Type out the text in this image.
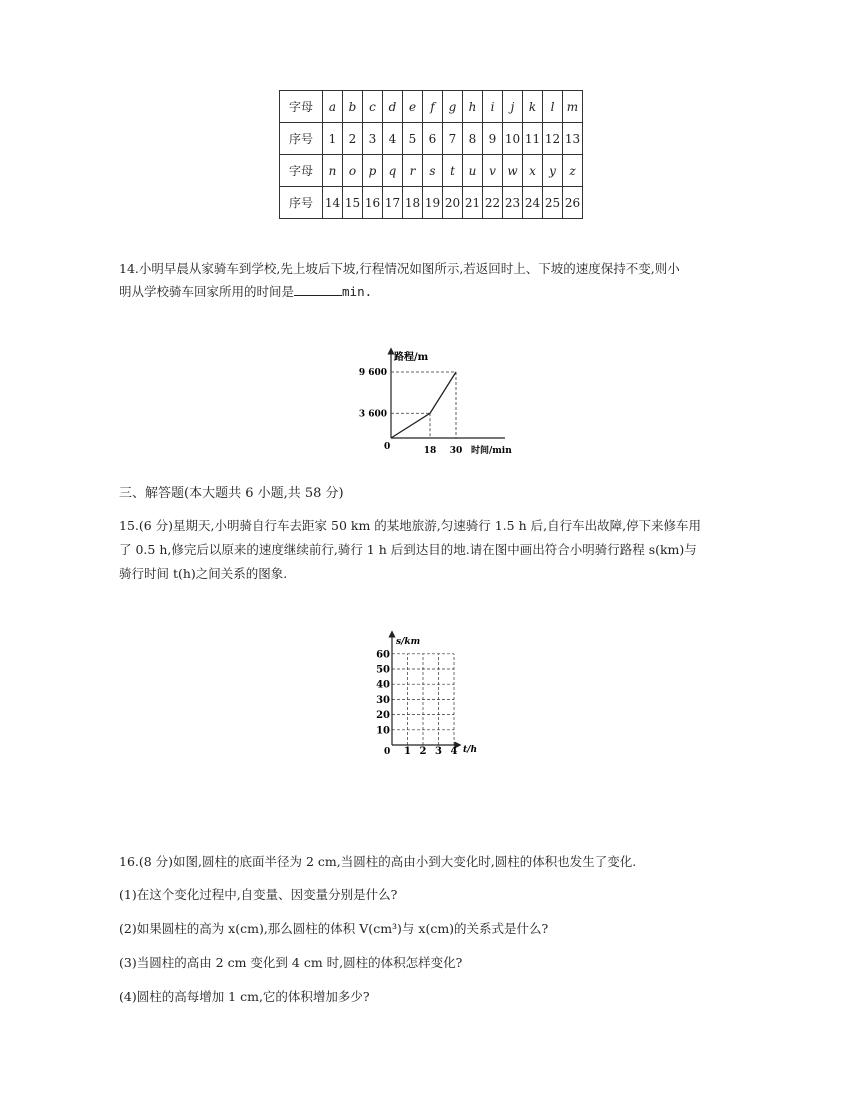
字母	a	b	c	d	e	f	g	h	i	j	k	l	m
序号	1	2	3	4	5	6	7	8	9	10	11	12	13
字母	n	o	p	q	r	s	t	u	v	w	x	y	z
序号	14	15	16	17	18	19	20	21	22	23	24	25	26
14.小明早晨从家骑车到学校,先上坡后下坡,行程情况如图所示,若返回时上、下坡的速度保持不变,则小
明从学校骑车回家所用的时间是	min.
路程/m
时间/min
0	18 30
3 600
9 600
三、解答题(本大题共 6 小题,共 58 分)
15.(6 分)星期天,小明骑自行车去距家 50 km 的某地旅游,匀速骑行 1.5 h 后,自行车出故障,停下来修车用
了 0.5 h,修完后以原来的速度继续前行,骑行 1 h 后到达目的地.请在图中画出符合小明骑行路程 s(km)与
骑行时间 t(h)之间关系的图象.
s/km
t/h
0
10
20
30
40
50
60
1 2 3 4
16.(8 分)如图,圆柱的底面半径为 2 cm,当圆柱的高由小到大变化时,圆柱的体积也发生了变化.
(1)在这个变化过程中,自变量、因变量分别是什么?
(2)如果圆柱的高为 x(cm),那么圆柱的体积 V(cm³)与 x(cm)的关系式是什么?
(3)当圆柱的高由 2 cm 变化到 4 cm 时,圆柱的体积怎样变化?
(4)圆柱的高每增加 1 cm,它的体积增加多少?
